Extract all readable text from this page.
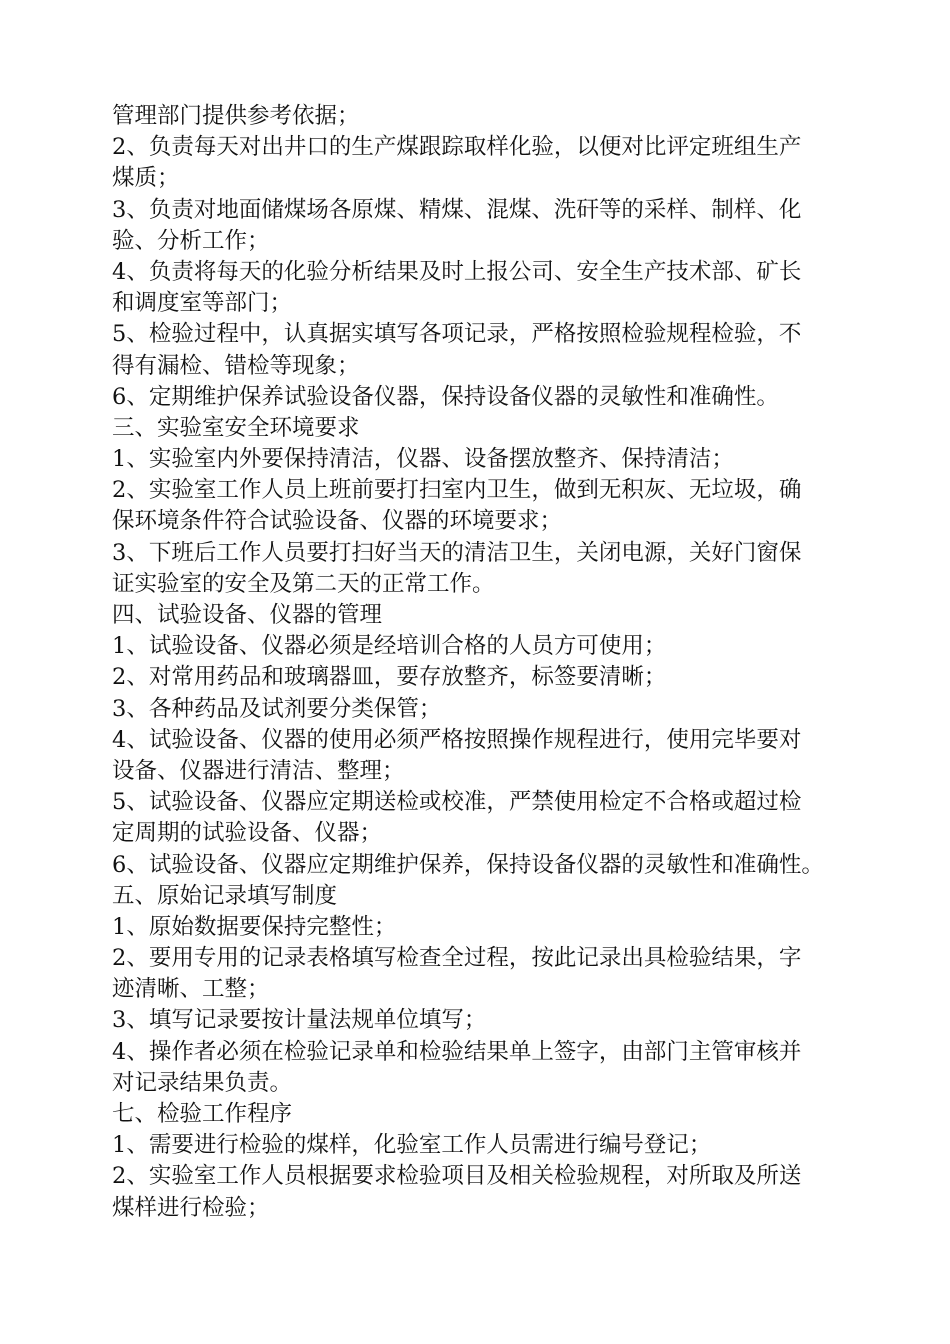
管理部门提供参考依据；
2、负责每天对出井口的生产煤跟踪取样化验，以便对比评定班组生产
煤质；
3、负责对地面储煤场各原煤、精煤、混煤、洗矸等的采样、制样、化
验、分析工作；
4、负责将每天的化验分析结果及时上报公司、安全生产技术部、矿长
和调度室等部门；
5、检验过程中，认真据实填写各项记录，严格按照检验规程检验，不
得有漏检、错检等现象；
6、定期维护保养试验设备仪器，保持设备仪器的灵敏性和准确性。
三、实验室安全环境要求
1、实验室内外要保持清洁，仪器、设备摆放整齐、保持清洁；
2、实验室工作人员上班前要打扫室内卫生，做到无积灰、无垃圾，确
保环境条件符合试验设备、仪器的环境要求；
3、下班后工作人员要打扫好当天的清洁卫生，关闭电源，关好门窗保
证实验室的安全及第二天的正常工作。
四、试验设备、仪器的管理
1、试验设备、仪器必须是经培训合格的人员方可使用；
2、对常用药品和玻璃器皿，要存放整齐，标签要清晰；
3、各种药品及试剂要分类保管；
4、试验设备、仪器的使用必须严格按照操作规程进行，使用完毕要对
设备、仪器进行清洁、整理；
5、试验设备、仪器应定期送检或校准，严禁使用检定不合格或超过检
定周期的试验设备、仪器；
6、试验设备、仪器应定期维护保养，保持设备仪器的灵敏性和准确性。
五、原始记录填写制度
1、原始数据要保持完整性；
2、要用专用的记录表格填写检查全过程，按此记录出具检验结果，字
迹清晰、工整；
3、填写记录要按计量法规单位填写；
4、操作者必须在检验记录单和检验结果单上签字，由部门主管审核并
对记录结果负责。
七、检验工作程序
1、需要进行检验的煤样，化验室工作人员需进行编号登记；
2、实验室工作人员根据要求检验项目及相关检验规程，对所取及所送
煤样进行检验；
